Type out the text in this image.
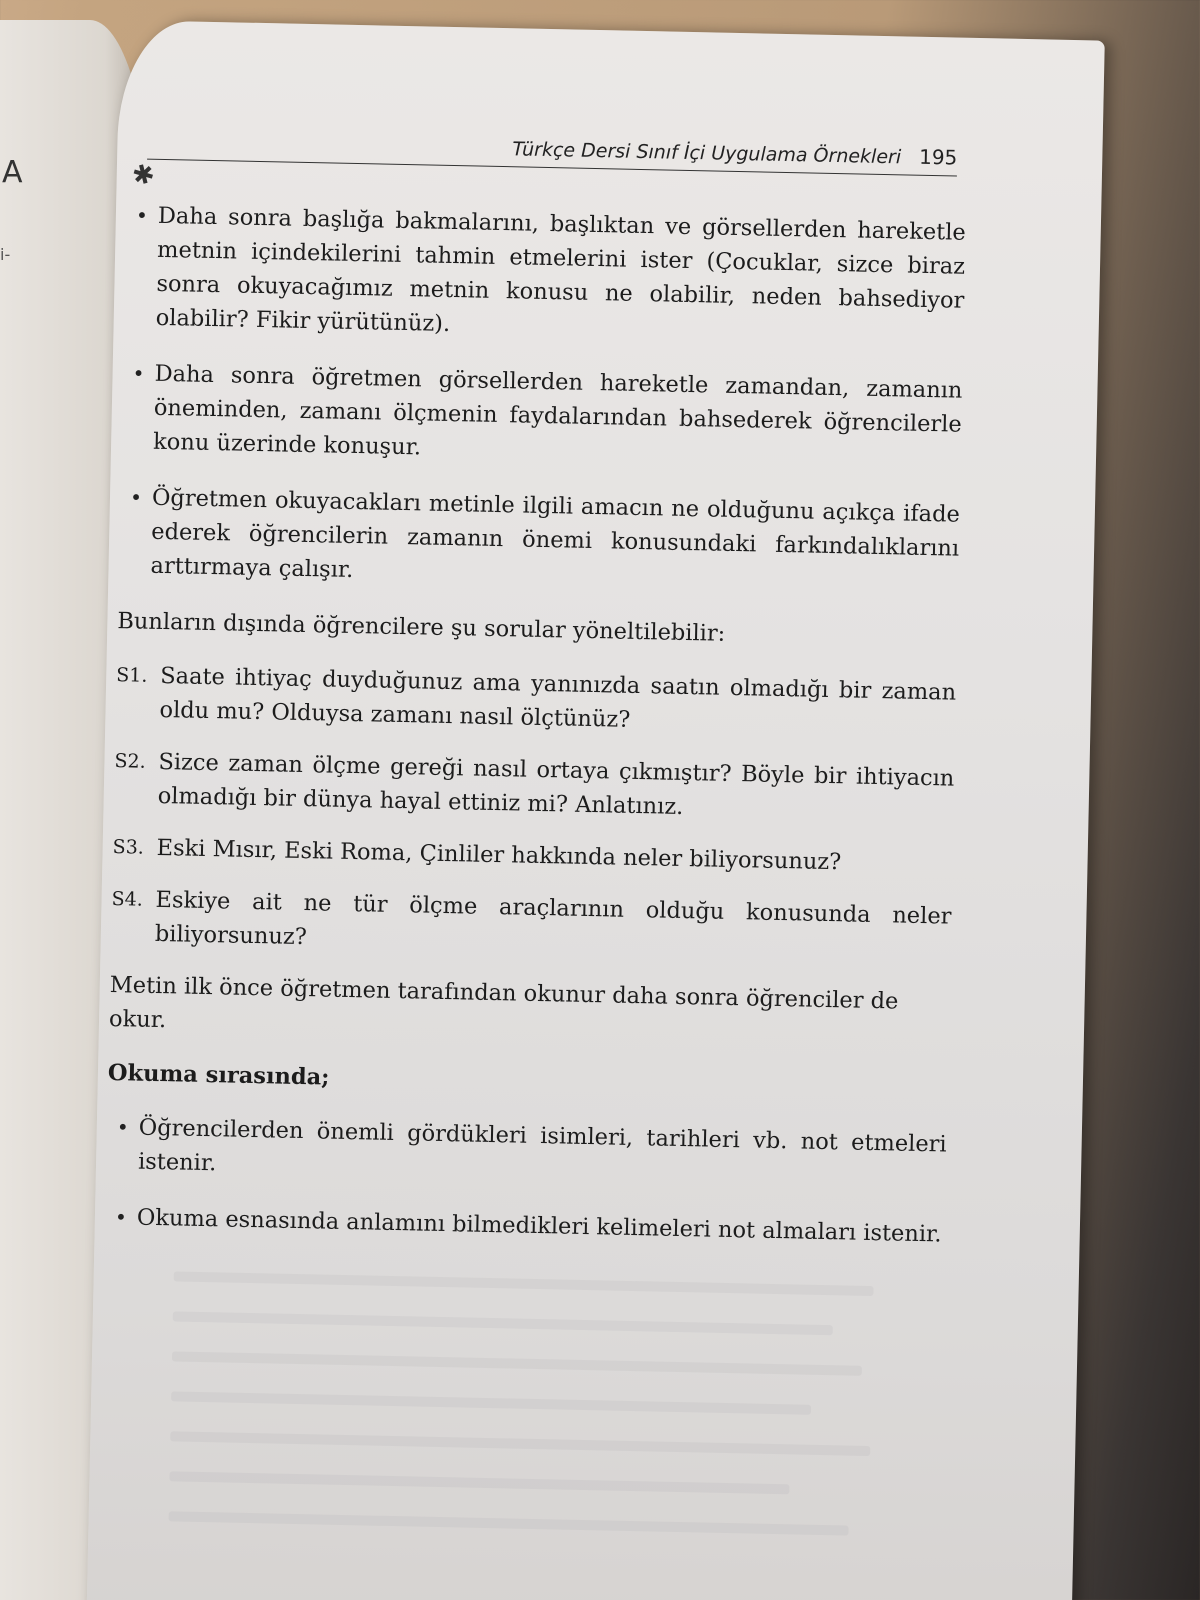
A
i-
✱
Türkçe Dersi Sınıf İçi Uygulama Örnekleri 195
• Daha sonra başlığa bakmalarını, başlıktan ve görsellerden hareketle metnin içindekilerini tahmin etmelerini ister (Çocuklar, sizce biraz sonra okuyacağımız metnin konusu ne olabilir, neden bahsediyor olabilir? Fikir yürütünüz).
• Daha sonra öğretmen görsellerden hareketle zamandan, zamanın öneminden, zamanı ölçmenin faydalarından bahsederek öğrencilerle konu üzerinde konuşur.
• Öğretmen okuyacakları metinle ilgili amacın ne olduğunu açıkça ifade ederek öğrencilerin zamanın önemi konusundaki farkındalıklarını arttırmaya çalışır.

Bunların dışında öğrencilere şu sorular yöneltilebilir:

S1. Saate ihtiyaç duyduğunuz ama yanınızda saatın olmadığı bir zaman oldu mu? Olduysa zamanı nasıl ölçtünüz?
S2. Sizce zaman ölçme gereği nasıl ortaya çıkmıştır? Böyle bir ihtiyacın olmadığı bir dünya hayal ettiniz mi? Anlatınız.
S3. Eski Mısır, Eski Roma, Çinliler hakkında neler biliyorsunuz?
S4. Eskiye ait ne tür ölçme araçlarının olduğu konusunda neler biliyorsunuz?

Metin ilk önce öğretmen tarafından okunur daha sonra öğrenciler de okur.

Okuma sırasında;

• Öğrencilerden önemli gördükleri isimleri, tarihleri vb. not etmeleri istenir.
• Okuma esnasında anlamını bilmedikleri kelimeleri not almaları istenir.
